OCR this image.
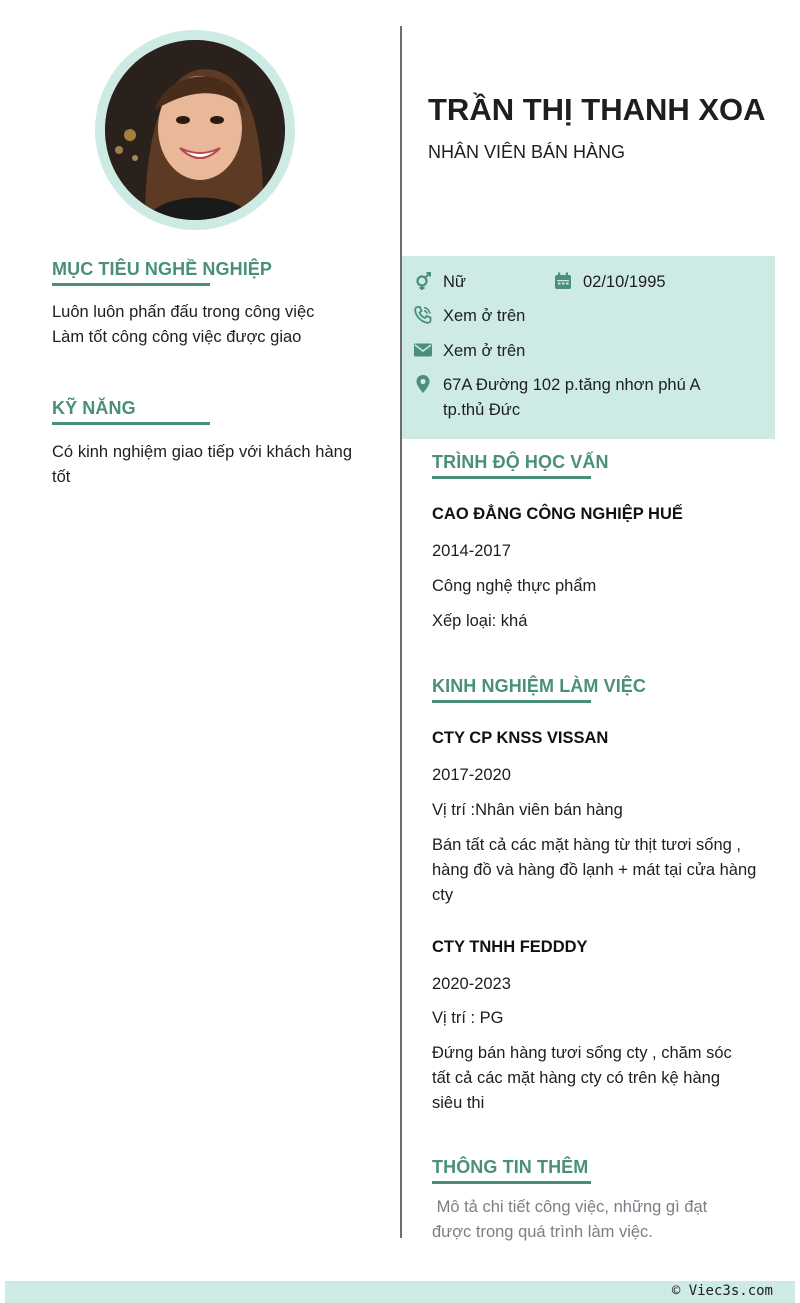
MỤC TIÊU NGHỀ NGHIỆP
Luôn luôn phấn đấu trong công việc
Làm tốt công công việc được giao
KỸ NĂNG
Có kinh nghiệm giao tiếp với khách hàng tốt
TRẦN THỊ THANH XOA
NHÂN VIÊN BÁN HÀNG
Nữ	02/10/1995
Xem ở trên
Xem ở trên
67A Đường 102 p.tăng nhơn phú A
tp.thủ Đức
TRÌNH ĐỘ HỌC VẤN
CAO ĐẲNG CÔNG NGHIỆP HUẾ
2014-2017
Công nghệ thực phẩm
Xếp loại: khá
KINH NGHIỆM LÀM VIỆC
CTY CP KNSS VISSAN
2017-2020
Vị trí :Nhân viên bán hàng
Bán tất cả các mặt hàng từ thịt tươi sống , hàng đồ và hàng đồ lạnh + mát tại cửa hàng cty
CTY TNHH FEDDDY
2020-2023
Vị trí : PG
Đứng bán hàng tươi sống cty , chăm sóc tất cả các mặt hàng cty có trên kệ hàng siêu thi
THÔNG TIN THÊM
Mô tả chi tiết công việc, những gì đạt được trong quá trình làm việc.
© Viec3s.com
